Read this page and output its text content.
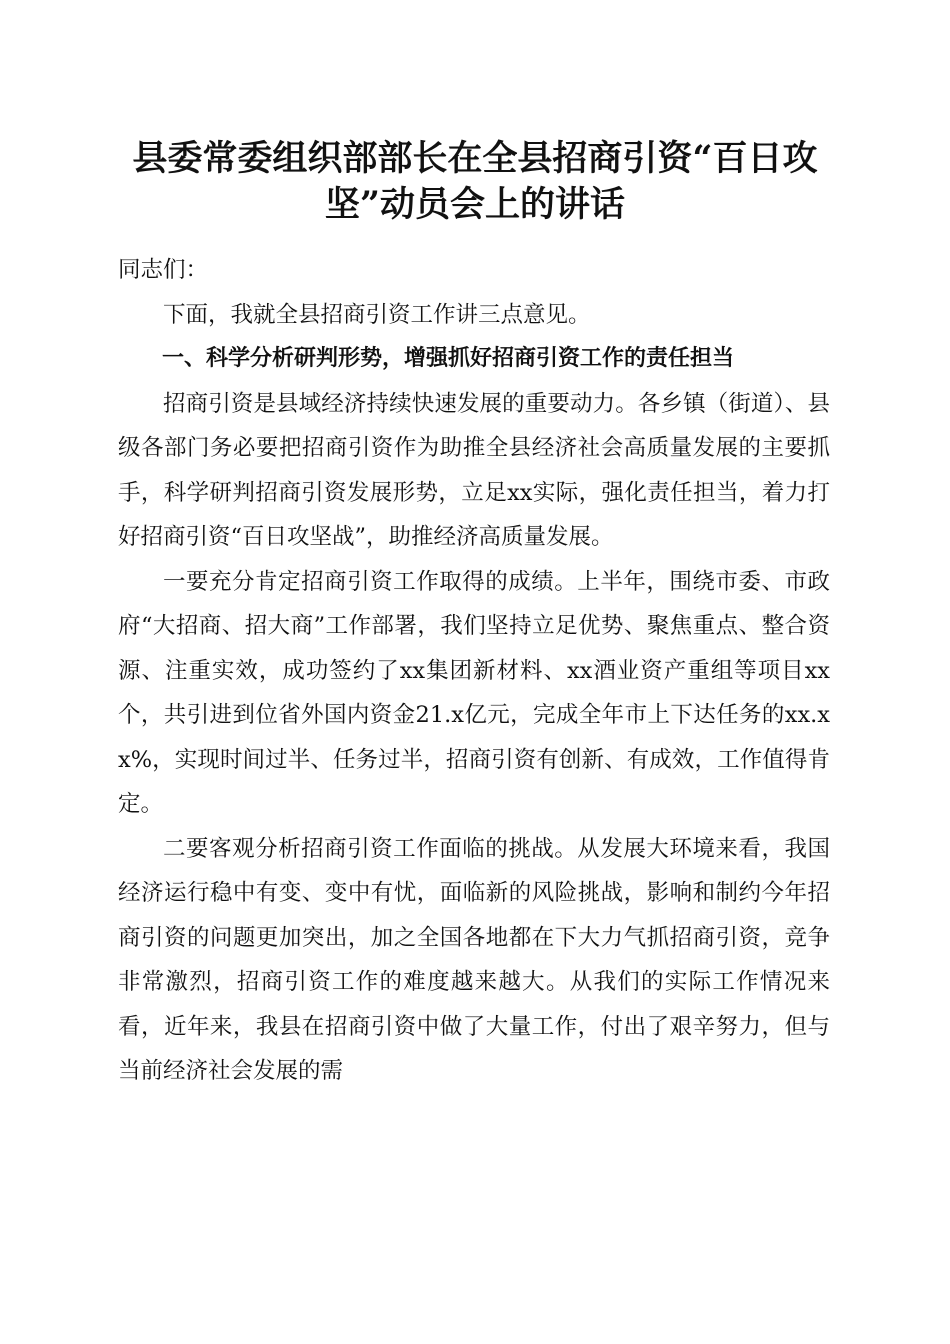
县委常委组织部部长在全县招商引资“百日攻
坚”动员会上的讲话

同志们：

下面，我就全县招商引资工作讲三点意见。

一、科学分析研判形势，增强抓好招商引资工作的责任担当

招商引资是县域经济持续快速发展的重要动力。各乡镇（街道）、县级各部门务必要把招商引资作为助推全县经济社会高质量发展的主要抓手，科学研判招商引资发展形势，立足xx实际，强化责任担当，着力打好招商引资“百日攻坚战”，助推经济高质量发展。

一要充分肯定招商引资工作取得的成绩。上半年，围绕市委、市政府“大招商、招大商”工作部署，我们坚持立足优势、聚焦重点、整合资源、注重实效，成功签约了xx集团新材料、xx酒业资产重组等项目xx个，共引进到位省外国内资金21.x亿元，完成全年市上下达任务的xx.xx%，实现时间过半、任务过半，招商引资有创新、有成效，工作值得肯定。

二要客观分析招商引资工作面临的挑战。从发展大环境来看，我国经济运行稳中有变、变中有忧，面临新的风险挑战，影响和制约今年招商引资的问题更加突出，加之全国各地都在下大力气抓招商引资，竞争非常激烈，招商引资工作的难度越来越大。从我们的实际工作情况来看，近年来，我县在招商引资中做了大量工作，付出了艰辛努力，但与当前经济社会发展的需
